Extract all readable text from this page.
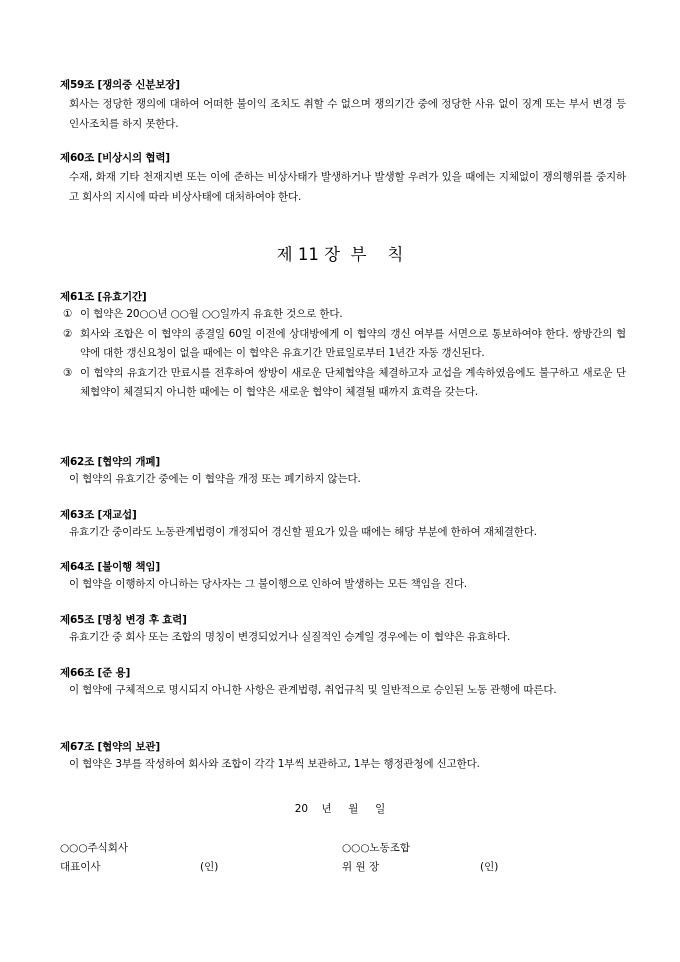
제59조 [쟁의중 신분보장]
회사는 정당한 쟁의에 대하여 어떠한 불이익 조치도 취할 수 없으며 쟁의기간 중에 정당한 사유 없이 징계 또는 부서 변경 등 인사조치를 하지 못한다.
제60조 [비상시의 협력]
수재, 화재 기타 천재지변 또는 이에 준하는 비상사태가 발생하거나 발생할 우려가 있을 때에는 지체없이 쟁의행위를 중지하고 회사의 지시에 따라 비상사태에 대처하여야 한다.
제 11 장  부    칙
제61조 [유효기간]
① 이 협약은 20○○년 ○○월 ○○일까지 유효한 것으로 한다.
② 회사와 조합은 이 협약의 종결일 60일 이전에 상대방에게 이 협약의 갱신 여부를 서면으로 통보하여야 한다. 쌍방간의 협약에 대한 갱신요청이 없을 때에는 이 협약은 유효기간 만료일로부터 1년간 자동 갱신된다.
③ 이 협약의 유효기간 만료시를 전후하여 쌍방이 새로운 단체협약을 체결하고자 교섭을 계속하였음에도 불구하고 새로운 단체협약이 체결되지 아니한 때에는 이 협약은 새로운 협약이 체결될 때까지 효력을 갖는다.
제62조 [협약의 개폐]
이 협약의 유효기간 중에는 이 협약을 개정 또는 폐기하지 않는다.
제63조 [재교섭]
유효기간 중이라도 노동관계법령이 개정되어 경신할 필요가 있을 때에는 해당 부분에 한하여 재체결한다.
제64조 [불이행 책임]
이 협약을 이행하지 아니하는 당사자는 그 불이행으로 인하여 발생하는 모든 책임을 진다.
제65조 [명칭 변경 후 효력]
유효기간 중 회사 또는 조합의 명칭이 변경되었거나 실질적인 승계일 경우에는 이 협약은 유효하다.
제66조 [준 용]
이 협약에 구체적으로 명시되지 아니한 사항은 관계법령, 취업규칙 및 일반적으로 승인된 노동 관행에 따른다.
제67조 [협약의 보관]
이 협약은 3부를 작성하여 회사와 조합이 각각 1부씩 보관하고, 1부는 행정관청에 신고한다.
20    년     월     일
○○○주식회사
대표이사	(인)
○○○노동조합
위 원 장	(인)
